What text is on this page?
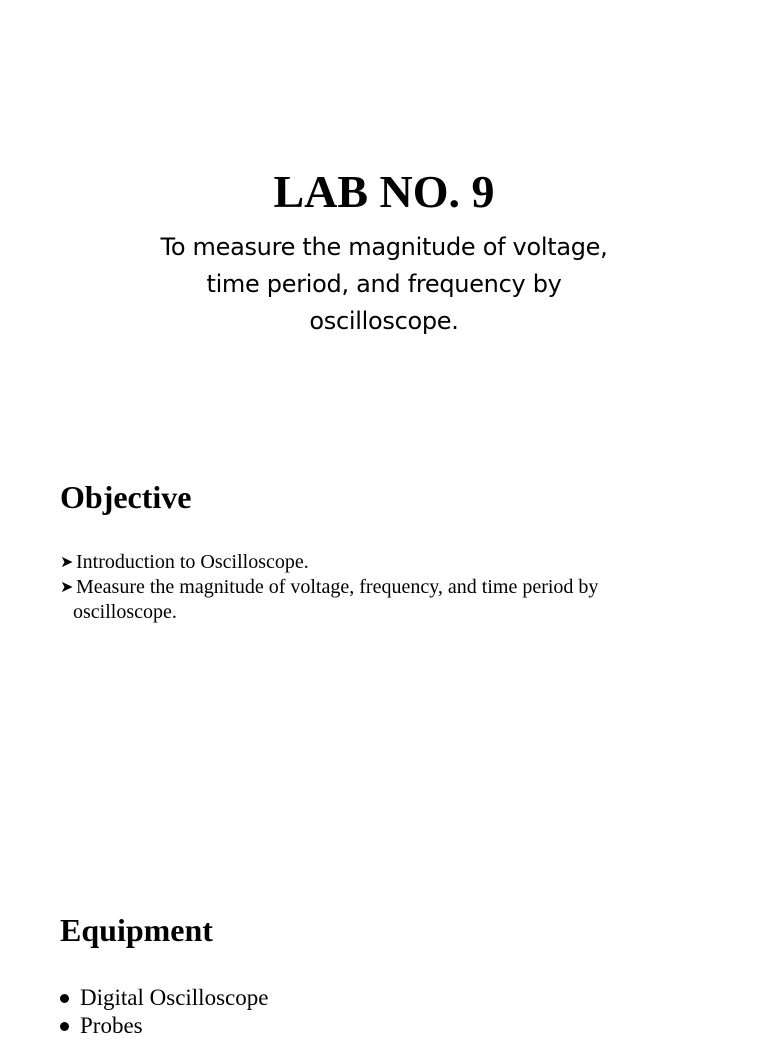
LAB NO. 9
To measure the magnitude of voltage,
time period, and frequency by
oscilloscope.
Objective
➤ Introduction to Oscilloscope.
➤ Measure the magnitude of voltage, frequency, and time period by
oscilloscope.
Equipment
Digital Oscilloscope
Probes
